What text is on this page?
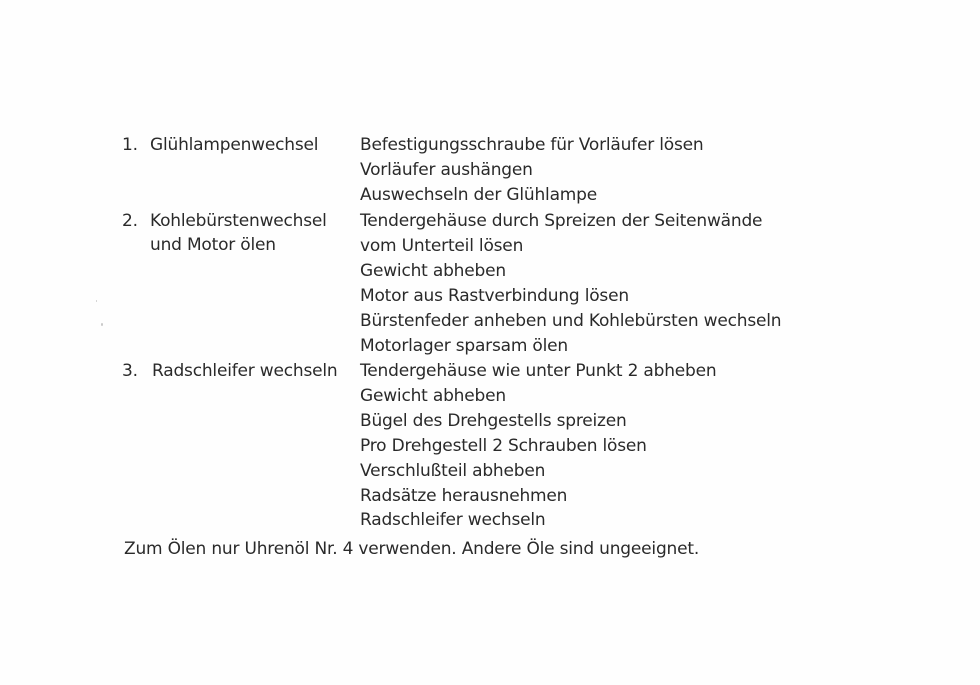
1. Glühlampenwechsel Befestigungsschraube für Vorläufer lösen
Vorläufer aushängen
Auswechseln der Glühlampe
2. Kohlebürstenwechsel
und Motor ölen
Tendergehäuse durch Spreizen der Seitenwände
vom Unterteil lösen
Gewicht abheben
Motor aus Rastverbindung lösen
Bürstenfeder anheben und Kohlebürsten wechseln
Motorlager sparsam ölen
3. Radschleifer wechseln Tendergehäuse wie unter Punkt 2 abheben
Gewicht abheben
Bügel des Drehgestells spreizen
Pro Drehgestell 2 Schrauben lösen
Verschlußteil abheben
Radsätze herausnehmen
Radschleifer wechseln
Zum Ölen nur Uhrenöl Nr. 4 verwenden. Andere Öle sind ungeeignet.
